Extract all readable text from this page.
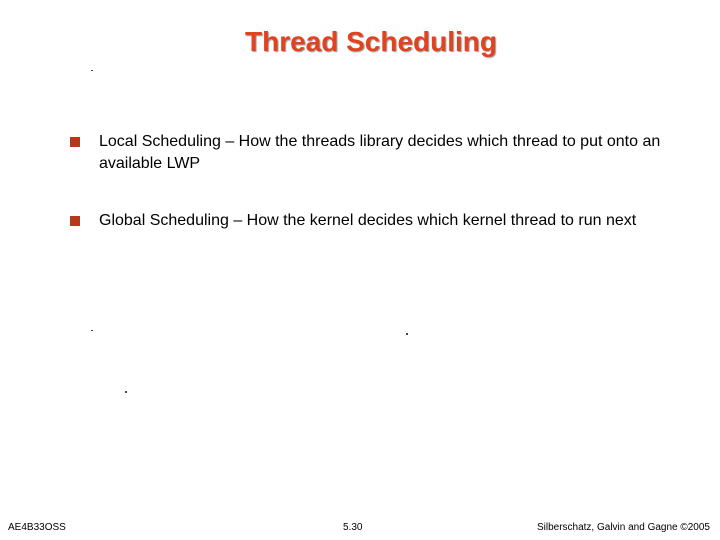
Thread Scheduling
Local Scheduling – How the threads library decides which thread to put onto an available LWP
Global Scheduling – How the kernel decides which kernel thread to run next
AE4B33OSS	5.30	Silberschatz, Galvin and Gagne ©2005
